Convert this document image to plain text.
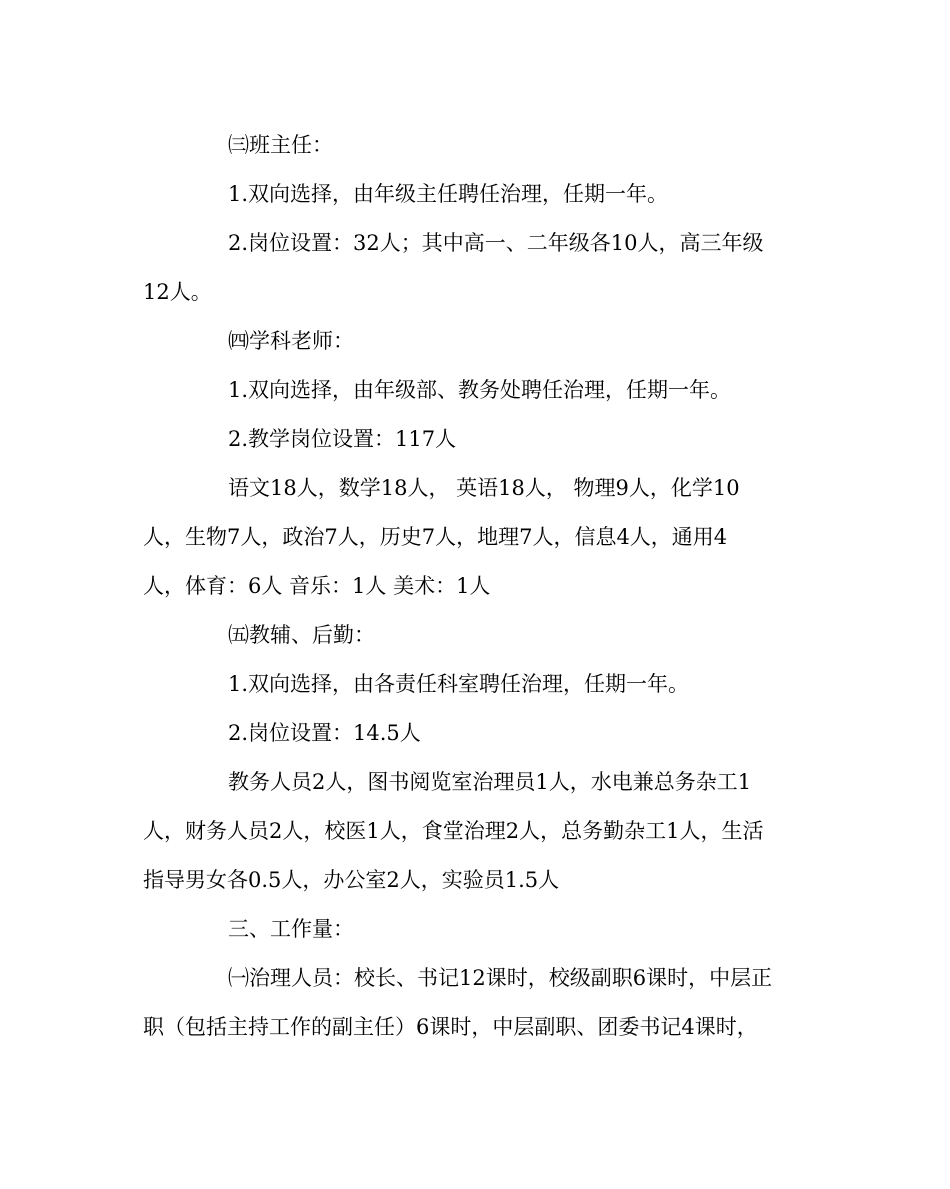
㈢班主任：

1.双向选择，由年级主任聘任治理，任期一年。

2.岗位设置：32人；其中高一、二年级各10人，高三年级

12人。

㈣学科老师：

1.双向选择，由年级部、教务处聘任治理，任期一年。

2.教学岗位设置：117人

语文18人，数学18人， 英语18人， 物理9人，化学10

人，生物7人，政治7人，历史7人，地理7人，信息4人，通用4

人，体育：6人 音乐：1人 美术：1人

㈤教辅、后勤：

1.双向选择，由各责任科室聘任治理，任期一年。

2.岗位设置：14.5人

教务人员2人，图书阅览室治理员1人，水电兼总务杂工1

人，财务人员2人，校医1人，食堂治理2人，总务勤杂工1人，生活

指导男女各0.5人，办公室2人，实验员1.5人

三、工作量：

㈠治理人员：校长、书记12课时，校级副职6课时，中层正

职（包括主持工作的副主任）6课时，中层副职、团委书记4课时，
